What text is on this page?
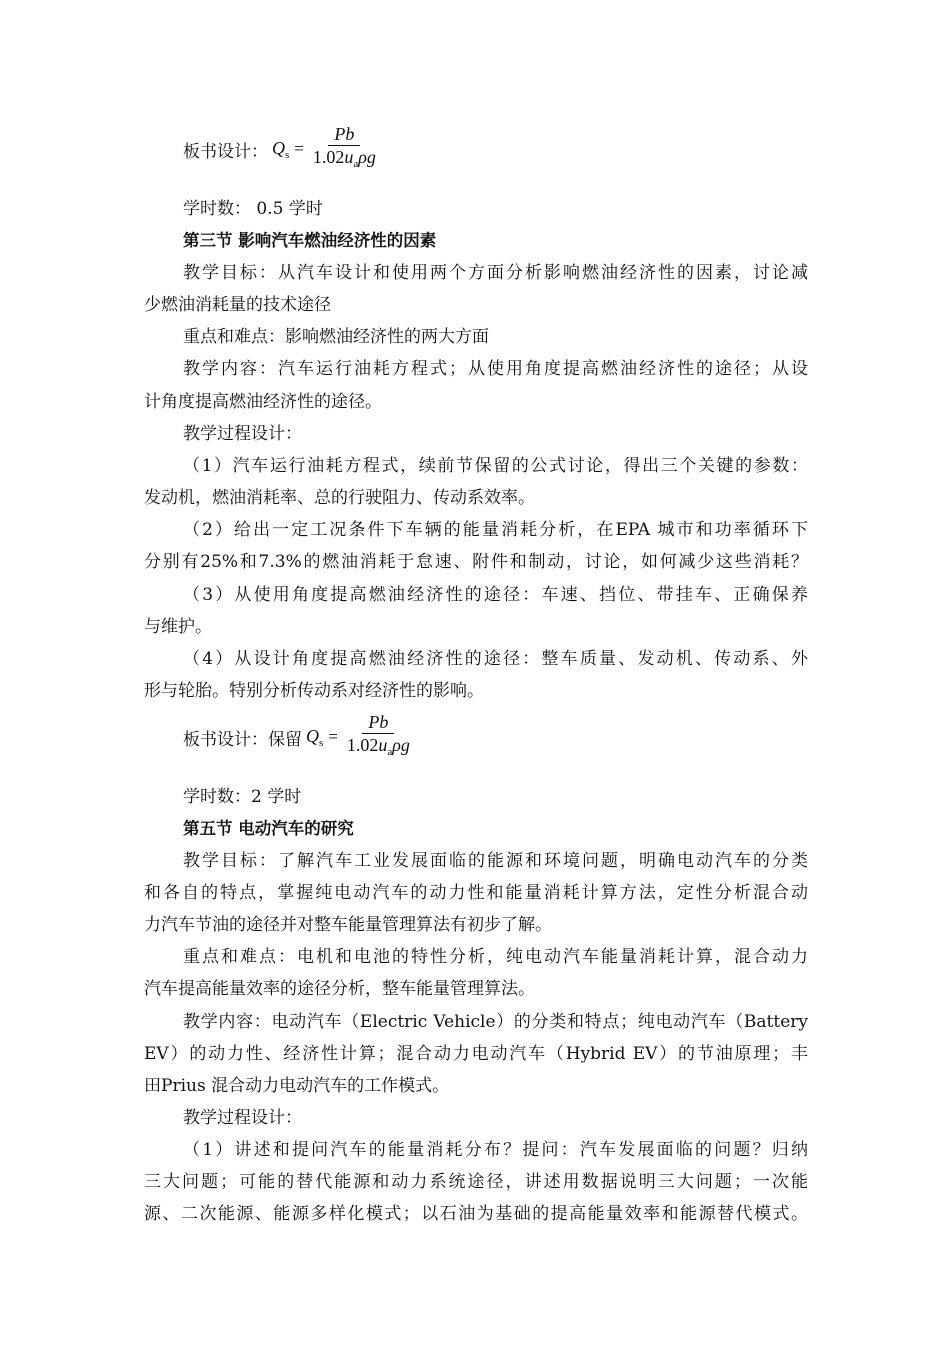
板书设计： $Q_s = \frac{Pb}{1.02u_a\rho g}$
学时数： 0.5 学时
第三节 影响汽车燃油经济性的因素
教学目标：从汽车设计和使用两个方面分析影响燃油经济性的因素，讨论减
少燃油消耗量的技术途径
重点和难点：影响燃油经济性的两大方面
教学内容：汽车运行油耗方程式；从使用角度提高燃油经济性的途径；从设
计角度提高燃油经济性的途径。
教学过程设计：
（1）汽车运行油耗方程式，续前节保留的公式讨论，得出三个关键的参数：
发动机，燃油消耗率、总的行驶阻力、传动系效率。
（2）给出一定工况条件下车辆的能量消耗分析，在EPA 城市和功率循环下
分别有25%和7.3%的燃油消耗于怠速、附件和制动，讨论，如何减少这些消耗？
（3）从使用角度提高燃油经济性的途径：车速、挡位、带挂车、正确保养
与维护。
（4）从设计角度提高燃油经济性的途径：整车质量、发动机、传动系、外
形与轮胎。特别分析传动系对经济性的影响。
板书设计：保留 $Q_s = \frac{Pb}{1.02u_a\rho g}$
学时数：2 学时
第五节 电动汽车的研究
教学目标：了解汽车工业发展面临的能源和环境问题，明确电动汽车的分类
和各自的特点，掌握纯电动汽车的动力性和能量消耗计算方法，定性分析混合动
力汽车节油的途径并对整车能量管理算法有初步了解。
重点和难点：电机和电池的特性分析，纯电动汽车能量消耗计算，混合动力
汽车提高能量效率的途径分析，整车能量管理算法。
教学内容：电动汽车（Electric Vehicle）的分类和特点；纯电动汽车（Battery
EV）的动力性、经济性计算；混合动力电动汽车（Hybrid EV）的节油原理；丰
田Prius 混合动力电动汽车的工作模式。
教学过程设计：
（1）讲述和提问汽车的能量消耗分布？提问：汽车发展面临的问题？归纳
三大问题；可能的替代能源和动力系统途径，讲述用数据说明三大问题；一次能
源、二次能源、能源多样化模式；以石油为基础的提高能量效率和能源替代模式。
